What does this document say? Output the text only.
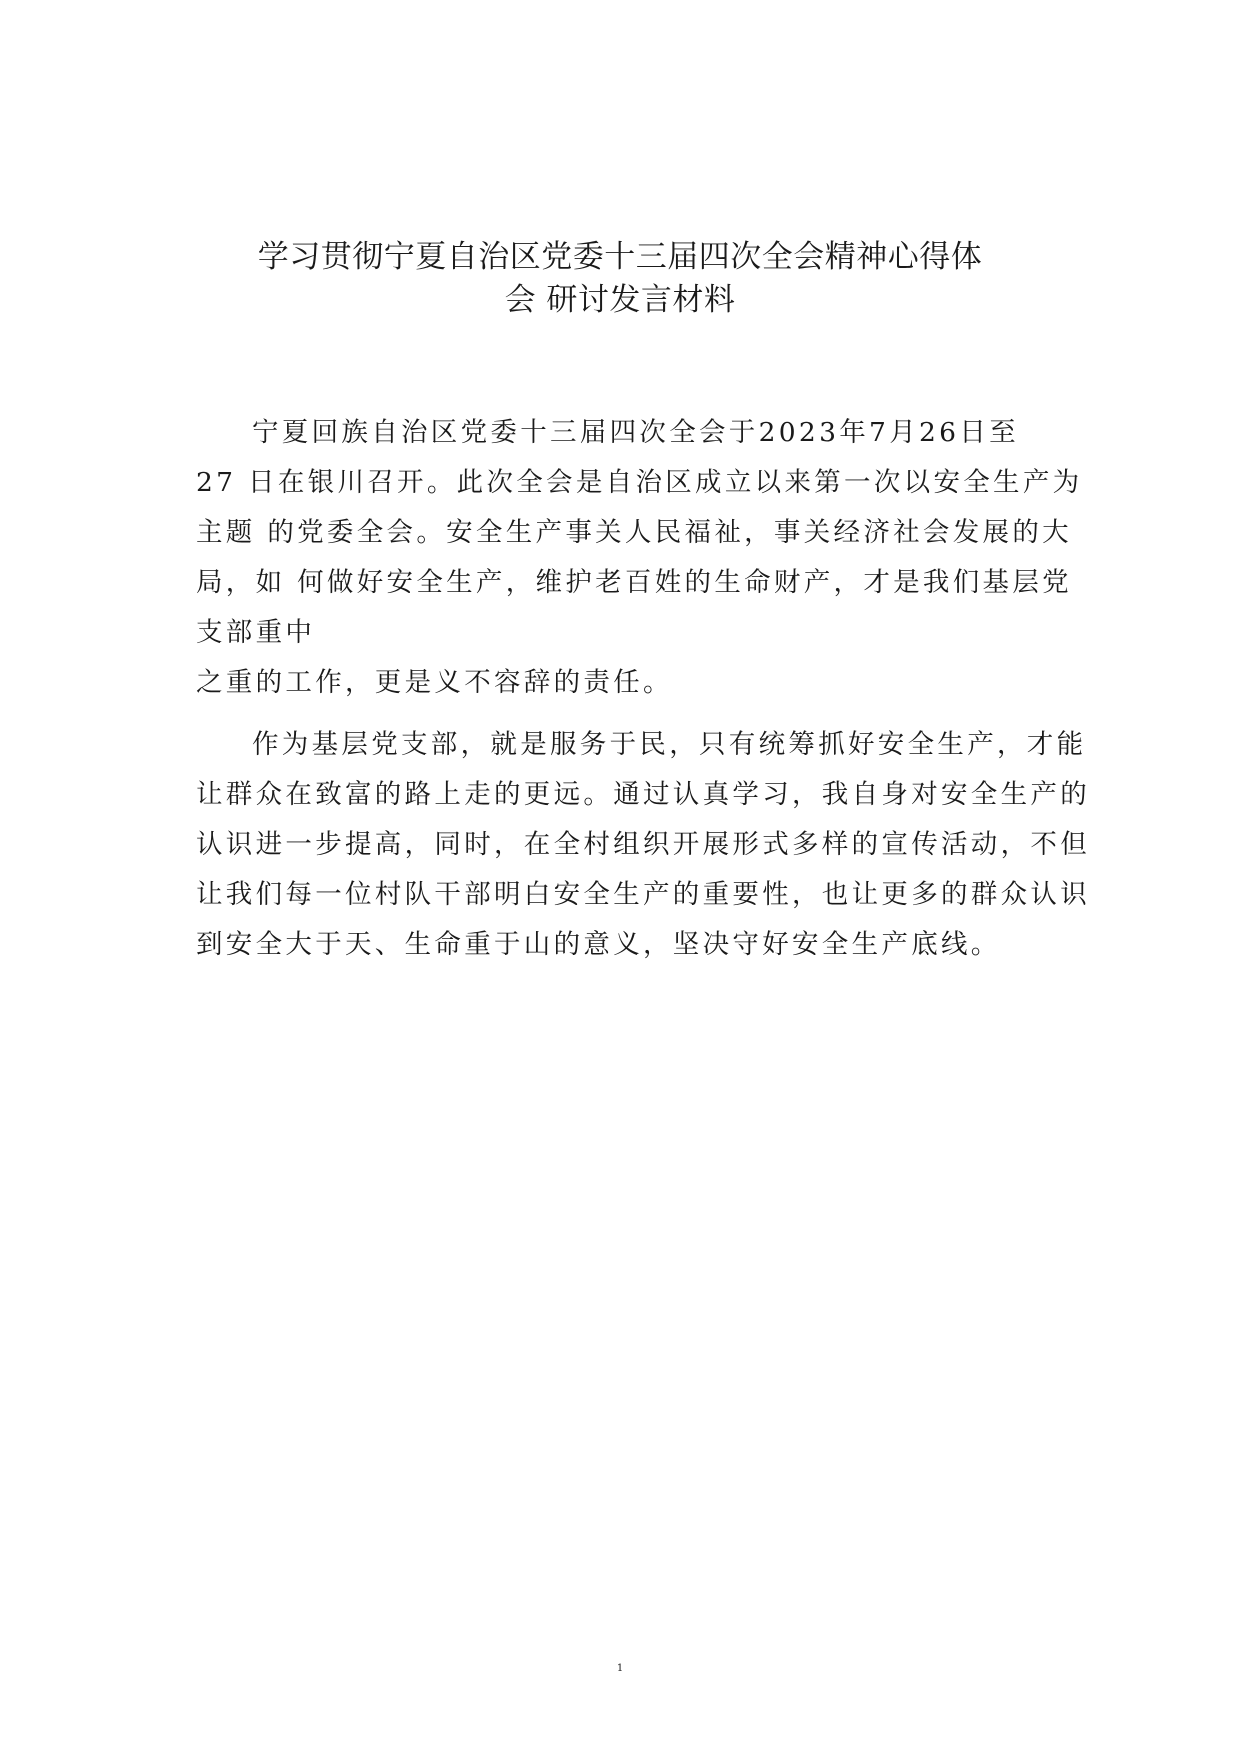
学习贯彻宁夏自治区党委十三届四次全会精神心得体
会 研讨发言材料
宁夏回族自治区党委十三届四次全会于2023年7月26日至
27 日在银川召开。此次全会是自治区成立以来第一次以安全生产为
主题 的党委全会。安全生产事关人民福祉，事关经济社会发展的大
局，如 何做好安全生产，维护老百姓的生命财产，才是我们基层党
支部重中
之重的工作，更是义不容辞的责任。
作为基层党支部，就是服务于民，只有统筹抓好安全生产，才能
让群众在致富的路上走的更远。通过认真学习，我自身对安全生产的
认识进一步提高，同时，在全村组织开展形式多样的宣传活动，不但
让我们每一位村队干部明白安全生产的重要性，也让更多的群众认识
到安全大于天、生命重于山的意义，坚决守好安全生产底线。
1
